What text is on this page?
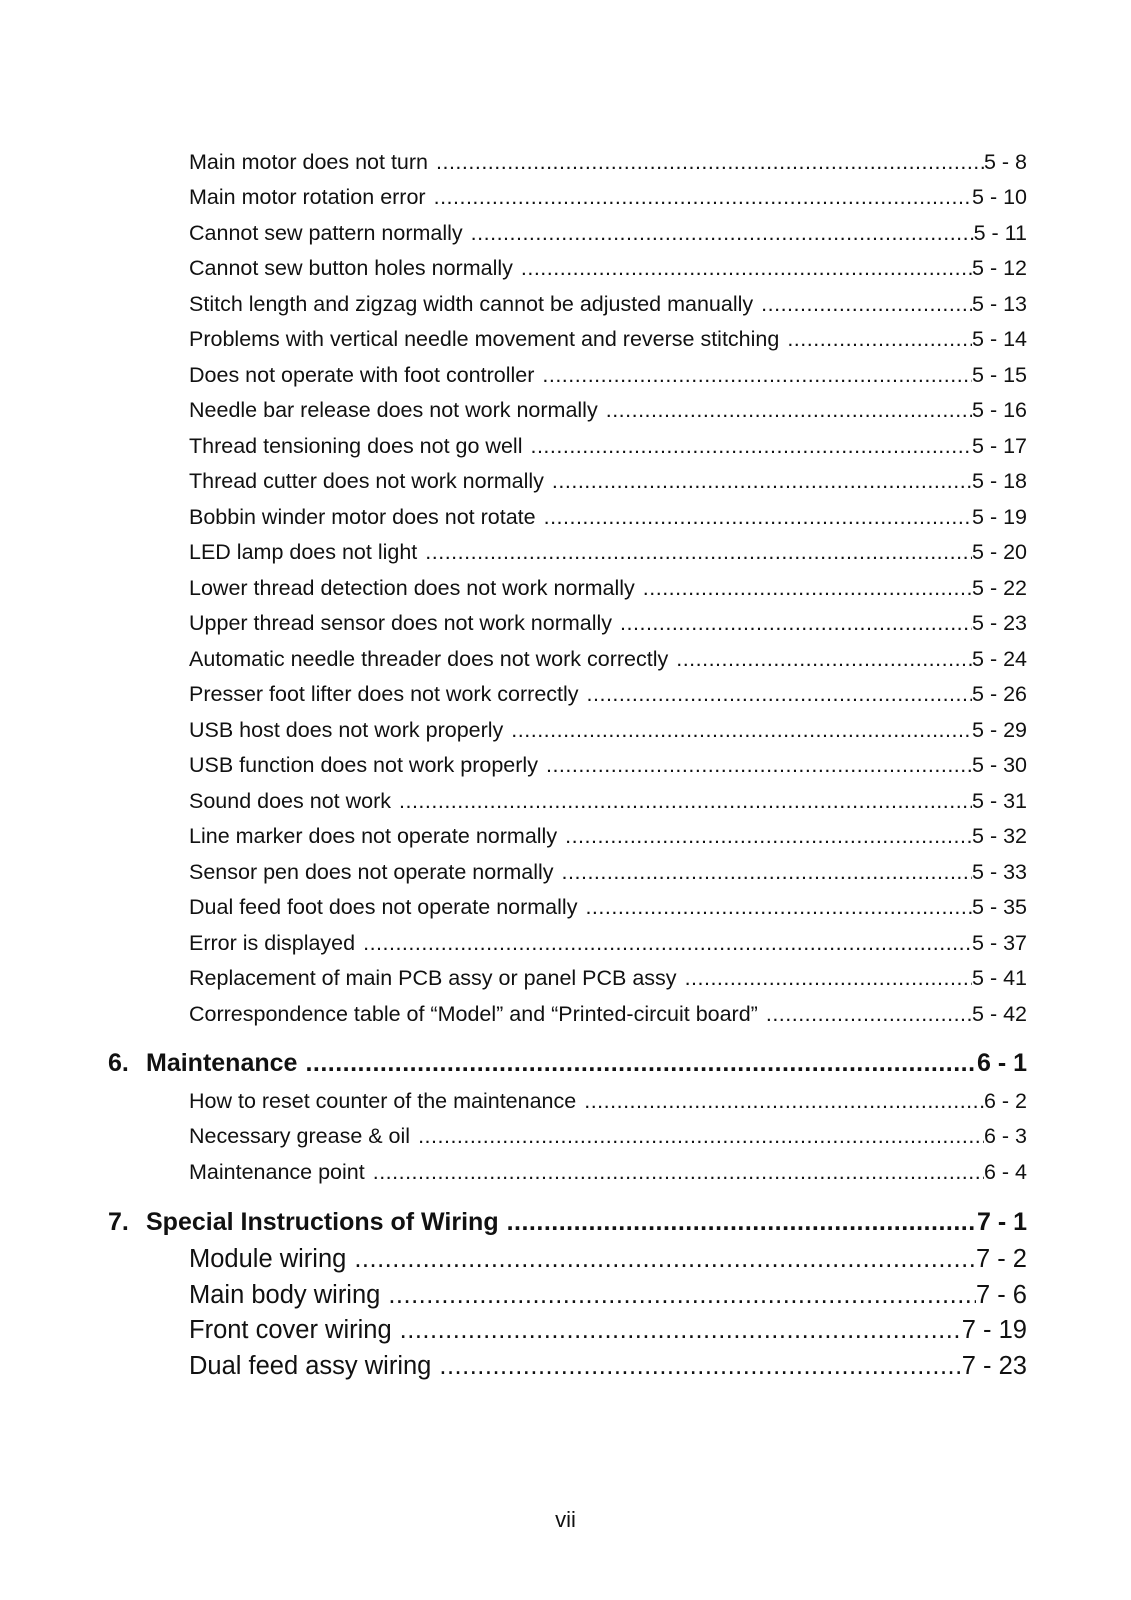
Main motor does not turn .....	5 - 8
Main motor rotation error .....	5 - 10
Cannot sew pattern normally .....	5 - 11
Cannot sew button holes normally .....	5 - 12
Stitch length and zigzag width cannot be adjusted manually .....	5 - 13
Problems with vertical needle movement and reverse stitching .....	5 - 14
Does not operate with foot controller .....	5 - 15
Needle bar release does not work normally .....	5 - 16
Thread tensioning does not go well .....	5 - 17
Thread cutter does not work normally .....	5 - 18
Bobbin winder motor does not rotate .....	5 - 19
LED lamp does not light .....	5 - 20
Lower thread detection does not work normally .....	5 - 22
Upper thread sensor does not work normally .....	5 - 23
Automatic needle threader does not work correctly .....	5 - 24
Presser foot lifter does not work correctly .....	5 - 26
USB host does not work properly .....	5 - 29
USB function does not work properly .....	5 - 30
Sound does not work .....	5 - 31
Line marker does not operate normally .....	5 - 32
Sensor pen does not operate normally .....	5 - 33
Dual feed foot does not operate normally .....	5 - 35
Error is displayed .....	5 - 37
Replacement of main PCB assy or panel PCB assy .....	5 - 41
Correspondence table of “Model” and “Printed-circuit board” .....	5 - 42
6. Maintenance .....	6 - 1
How to reset counter of the maintenance .....	6 - 2
Necessary grease & oil .....	6 - 3
Maintenance point .....	6 - 4
7. Special Instructions of Wiring .....	7 - 1
Module wiring .....	7 - 2
Main body wiring .....	7 - 6
Front cover wiring .....	7 - 19
Dual feed assy wiring .....	7 - 23
vii
